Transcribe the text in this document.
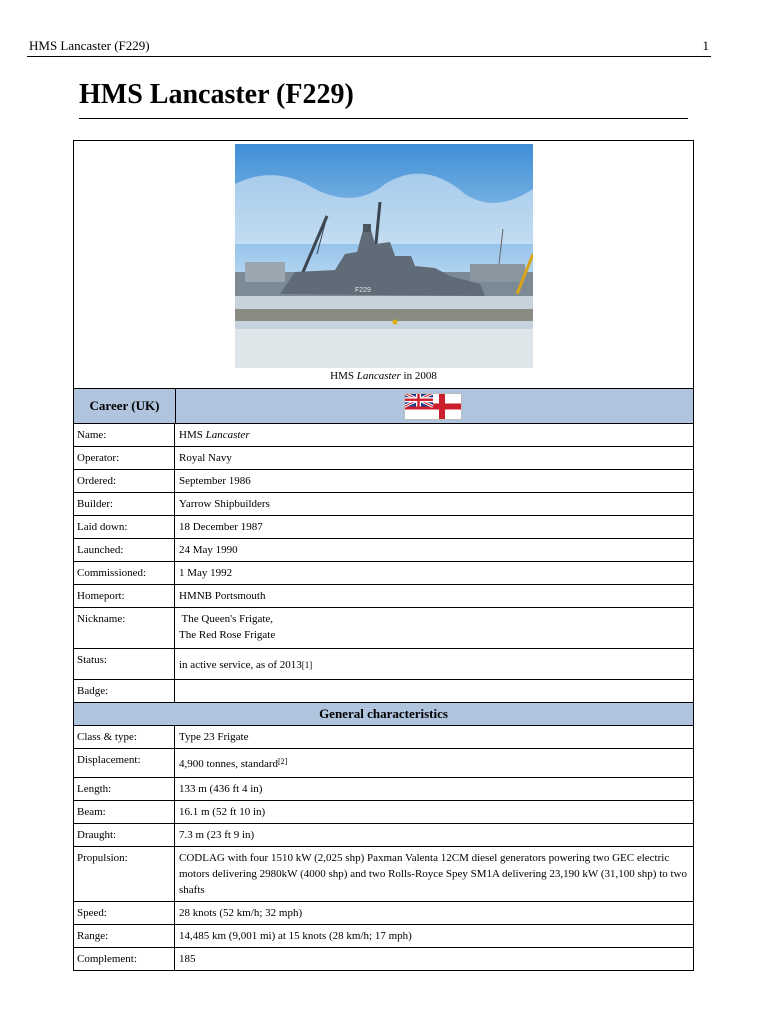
HMS Lancaster (F229)	1
HMS Lancaster (F229)
F229
HMS Lancaster in 2008
Career (UK)
Name:	HMS Lancaster
Operator:	Royal Navy
Ordered:	September 1986
Builder:	Yarrow Shipbuilders
Laid down:	18 December 1987
Launched:	24 May 1990
Commissioned:	1 May 1992
Homeport:	HMNB Portsmouth
Nickname:	The Queen's Frigate,
The Red Rose Frigate
Status:	in active service, as of 2013[1]
Badge:
General characteristics
Class & type:	Type 23 Frigate
Displacement:	4,900 tonnes, standard[2]
Length:	133 m (436 ft 4 in)
Beam:	16.1 m (52 ft 10 in)
Draught:	7.3 m (23 ft 9 in)
Propulsion:	CODLAG with four 1510 kW (2,025 shp) Paxman Valenta 12CM diesel generators powering two GEC electric motors delivering 2980kW (4000 shp) and two Rolls-Royce Spey SM1A delivering 23,190 kW (31,100 shp) to two shafts
Speed:	28 knots (52 km/h; 32 mph)
Range:	14,485 km (9,001 mi) at 15 knots (28 km/h; 17 mph)
Complement:	185
